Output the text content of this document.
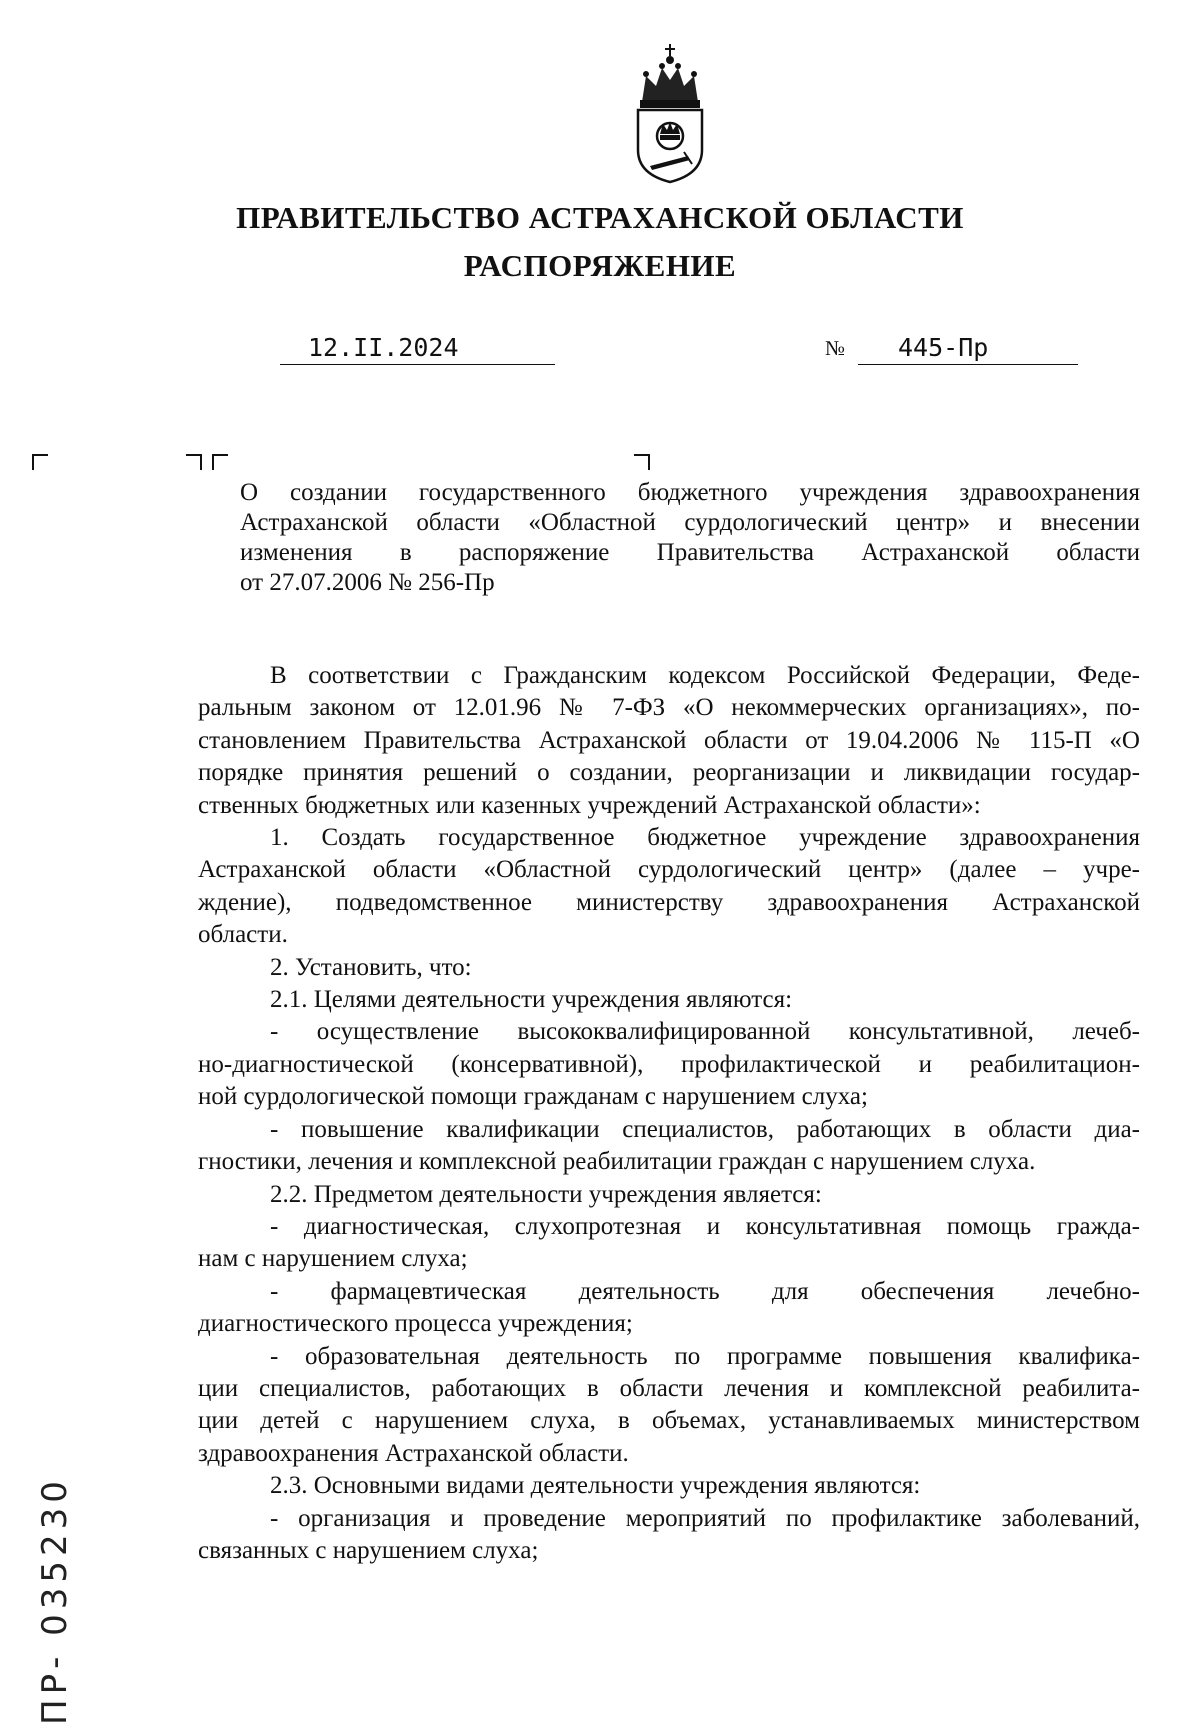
ПРАВИТЕЛЬСТВО АСТРАХАНСКОЙ ОБЛАСТИ
РАСПОРЯЖЕНИЕ
12.II.2024	№ 445-Пр
О создании государственного бюджетного учреждения здравоохранения
Астраханской области «Областной сурдологический центр» и внесении
изменения в распоряжение Правительства Астраханской области
от 27.07.2006 № 256-Пр
В соответствии с Гражданским кодексом Российской Федерации, Феде-
ральным законом от 12.01.96 № 7-ФЗ «О некоммерческих организациях», по-
становлением Правительства Астраханской области от 19.04.2006 № 115-П «О
порядке принятия решений о создании, реорганизации и ликвидации государ-
ственных бюджетных или казенных учреждений Астраханской области»:
1. Создать государственное бюджетное учреждение здравоохранения
Астраханской области «Областной сурдологический центр» (далее – учре-
ждение), подведомственное министерству здравоохранения Астраханской
области.
2. Установить, что:
2.1. Целями деятельности учреждения являются:
- осуществление высококвалифицированной консультативной, лечеб-
но-диагностической (консервативной), профилактической и реабилитацион-
ной сурдологической помощи гражданам с нарушением слуха;
- повышение квалификации специалистов, работающих в области диа-
гностики, лечения и комплексной реабилитации граждан с нарушением слуха.
2.2. Предметом деятельности учреждения является:
- диагностическая, слухопротезная и консультативная помощь гражда-
нам с нарушением слуха;
- фармацевтическая деятельность для обеспечения лечебно-
диагностического процесса учреждения;
- образовательная деятельность по программе повышения квалифика-
ции специалистов, работающих в области лечения и комплексной реабилита-
ции детей с нарушением слуха, в объемах, устанавливаемых министерством
здравоохранения Астраханской области.
2.3. Основными видами деятельности учреждения являются:
- организация и проведение мероприятий по профилактике заболеваний,
связанных с нарушением слуха;
ПР- 035230
